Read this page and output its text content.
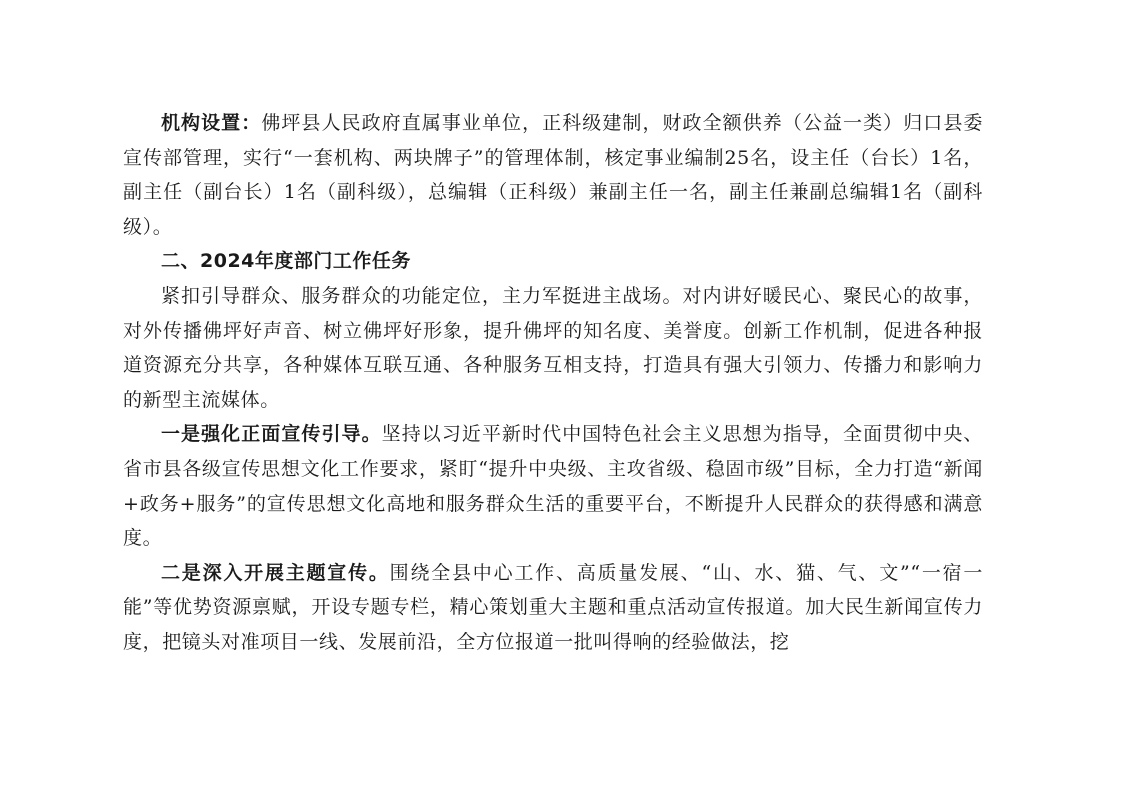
机构设置：佛坪县人民政府直属事业单位，正科级建制，财政全额供养（公益一类）归口县委宣传部管理，实行“一套机构、两块牌子”的管理体制，核定事业编制25名，设主任（台长）1名，副主任（副台长）1名（副科级），总编辑（正科级）兼副主任一名，副主任兼副总编辑1名（副科级）。

二、2024年度部门工作任务

紧扣引导群众、服务群众的功能定位，主力军挺进主战场。对内讲好暖民心、聚民心的故事，对外传播佛坪好声音、树立佛坪好形象，提升佛坪的知名度、美誉度。创新工作机制，促进各种报道资源充分共享，各种媒体互联互通、各种服务互相支持，打造具有强大引领力、传播力和影响力的新型主流媒体。

一是强化正面宣传引导。坚持以习近平新时代中国特色社会主义思想为指导，全面贯彻中央、省市县各级宣传思想文化工作要求，紧盯“提升中央级、主攻省级、稳固市级”目标，全力打造“新闻+政务+服务”的宣传思想文化高地和服务群众生活的重要平台，不断提升人民群众的获得感和满意度。

二是深入开展主题宣传。围绕全县中心工作、高质量发展、“山、水、猫、气、文”“一宿一能”等优势资源禀赋，开设专题专栏，精心策划重大主题和重点活动宣传报道。加大民生新闻宣传力度，把镜头对准项目一线、发展前沿，全方位报道一批叫得响的经验做法，挖
